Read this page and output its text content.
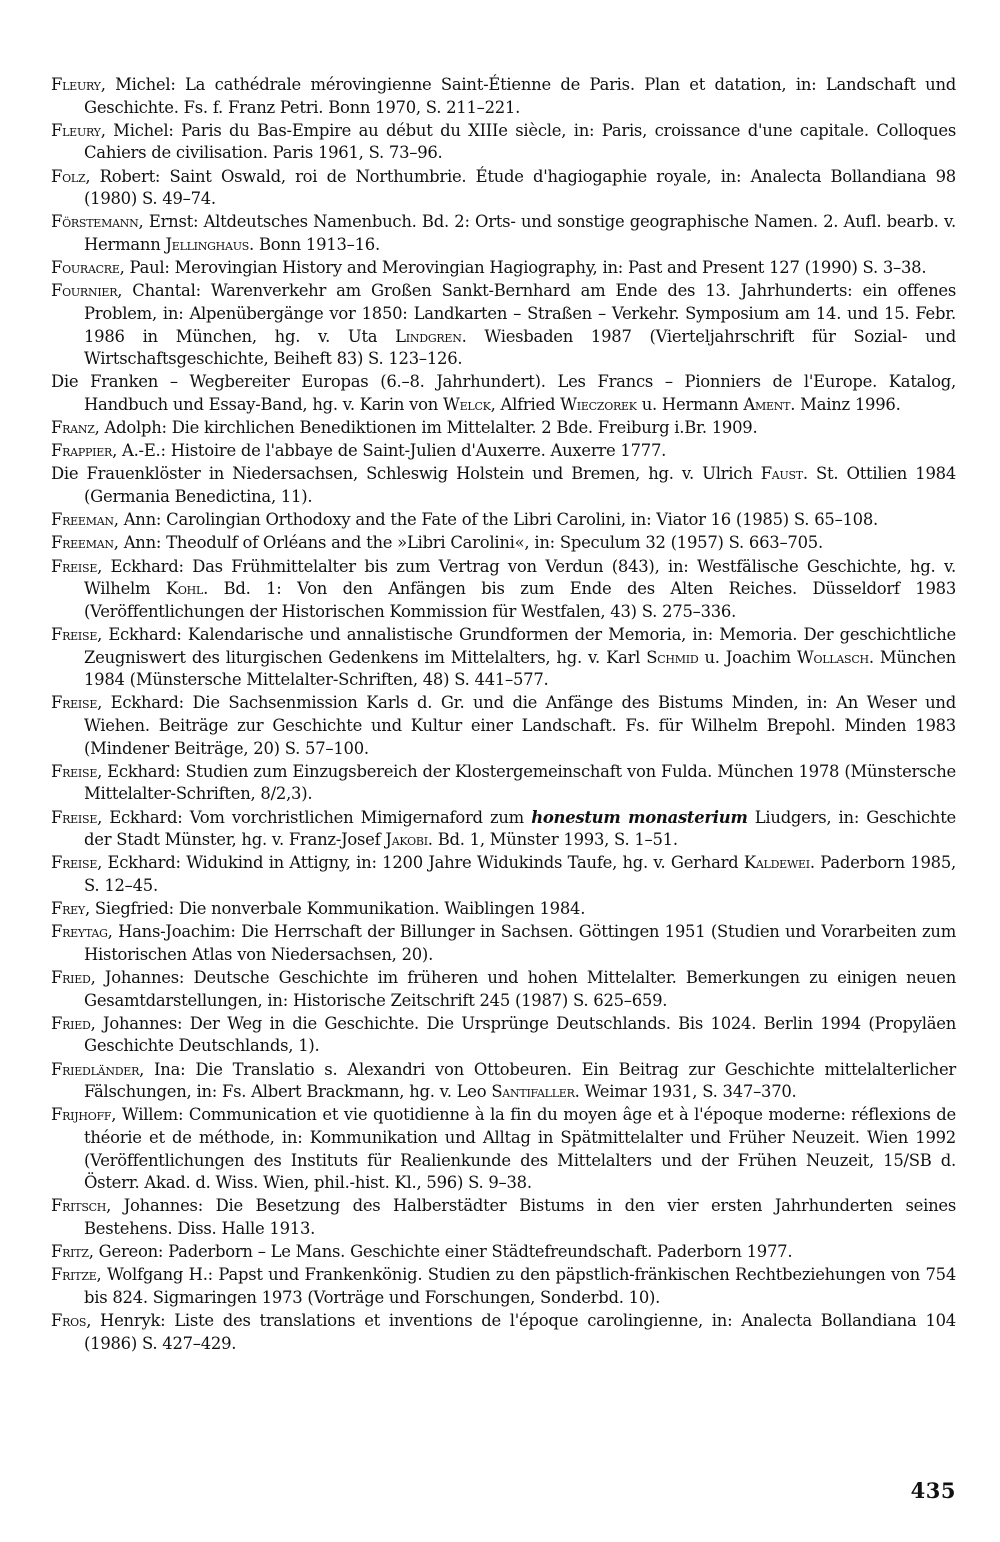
Fleury, Michel: La cathédrale mérovingienne Saint-Étienne de Paris. Plan et datation, in: Landschaft und Geschichte. Fs. f. Franz Petri. Bonn 1970, S. 211–221.

Fleury, Michel: Paris du Bas-Empire au début du XIIIe siècle, in: Paris, croissance d'une capitale. Colloques Cahiers de civilisation. Paris 1961, S. 73–96.

Folz, Robert: Saint Oswald, roi de Northumbrie. Étude d'hagiogaphie royale, in: Analecta Bollandiana 98 (1980) S. 49–74.

Förstemann, Ernst: Altdeutsches Namenbuch. Bd. 2: Orts- und sonstige geographische Namen. 2. Aufl. bearb. v. Hermann Jellinghaus. Bonn 1913–16.

Fouracre, Paul: Merovingian History and Merovingian Hagiography, in: Past and Present 127 (1990) S. 3–38.

Fournier, Chantal: Warenverkehr am Großen Sankt-Bernhard am Ende des 13. Jahrhunderts: ein offenes Problem, in: Alpenübergänge vor 1850: Landkarten – Straßen – Verkehr. Symposium am 14. und 15. Febr. 1986 in München, hg. v. Uta Lindgren. Wiesbaden 1987 (Vierteljahrschrift für Sozial- und Wirtschaftsgeschichte, Beiheft 83) S. 123–126.

Die Franken – Wegbereiter Europas (6.–8. Jahrhundert). Les Francs – Pionniers de l'Europe. Katalog, Handbuch und Essay-Band, hg. v. Karin von Welck, Alfried Wieczorek u. Hermann Ament. Mainz 1996.

Franz, Adolph: Die kirchlichen Benediktionen im Mittelalter. 2 Bde. Freiburg i.Br. 1909.

Frappier, A.-E.: Histoire de l'abbaye de Saint-Julien d'Auxerre. Auxerre 1777.

Die Frauenklöster in Niedersachsen, Schleswig Holstein und Bremen, hg. v. Ulrich Faust. St. Ottilien 1984 (Germania Benedictina, 11).

Freeman, Ann: Carolingian Orthodoxy and the Fate of the Libri Carolini, in: Viator 16 (1985) S. 65–108.

Freeman, Ann: Theodulf of Orléans and the »Libri Carolini«, in: Speculum 32 (1957) S. 663–705.

Freise, Eckhard: Das Frühmittelalter bis zum Vertrag von Verdun (843), in: Westfälische Geschichte, hg. v. Wilhelm Kohl. Bd. 1: Von den Anfängen bis zum Ende des Alten Reiches. Düsseldorf 1983 (Veröffentlichungen der Historischen Kommission für Westfalen, 43) S. 275–336.

Freise, Eckhard: Kalendarische und annalistische Grundformen der Memoria, in: Memoria. Der geschichtliche Zeugniswert des liturgischen Gedenkens im Mittelalters, hg. v. Karl Schmid u. Joachim Wollasch. München 1984 (Münstersche Mittelalter-Schriften, 48) S. 441–577.

Freise, Eckhard: Die Sachsenmission Karls d. Gr. und die Anfänge des Bistums Minden, in: An Weser und Wiehen. Beiträge zur Geschichte und Kultur einer Landschaft. Fs. für Wilhelm Brepohl. Minden 1983 (Mindener Beiträge, 20) S. 57–100.

Freise, Eckhard: Studien zum Einzugsbereich der Klostergemeinschaft von Fulda. München 1978 (Münstersche Mittelalter-Schriften, 8/2,3).

Freise, Eckhard: Vom vorchristlichen Mimigernaford zum honestum monasterium Liudgers, in: Geschichte der Stadt Münster, hg. v. Franz-Josef Jakobi. Bd. 1, Münster 1993, S. 1–51.

Freise, Eckhard: Widukind in Attigny, in: 1200 Jahre Widukinds Taufe, hg. v. Gerhard Kaldewei. Paderborn 1985, S. 12–45.

Frey, Siegfried: Die nonverbale Kommunikation. Waiblingen 1984.

Freytag, Hans-Joachim: Die Herrschaft der Billunger in Sachsen. Göttingen 1951 (Studien und Vorarbeiten zum Historischen Atlas von Niedersachsen, 20).

Fried, Johannes: Deutsche Geschichte im früheren und hohen Mittelalter. Bemerkungen zu einigen neuen Gesamtdarstellungen, in: Historische Zeitschrift 245 (1987) S. 625–659.

Fried, Johannes: Der Weg in die Geschichte. Die Ursprünge Deutschlands. Bis 1024. Berlin 1994 (Propyläen Geschichte Deutschlands, 1).

Friedländer, Ina: Die Translatio s. Alexandri von Ottobeuren. Ein Beitrag zur Geschichte mittelalterlicher Fälschungen, in: Fs. Albert Brackmann, hg. v. Leo Santifaller. Weimar 1931, S. 347–370.

Frijhoff, Willem: Communication et vie quotidienne à la fin du moyen âge et à l'époque moderne: réflexions de théorie et de méthode, in: Kommunikation und Alltag in Spätmittelalter und Früher Neuzeit. Wien 1992 (Veröffentlichungen des Instituts für Realienkunde des Mittelalters und der Frühen Neuzeit, 15/SB d. Österr. Akad. d. Wiss. Wien, phil.-hist. Kl., 596) S. 9–38.

Fritsch, Johannes: Die Besetzung des Halberstädter Bistums in den vier ersten Jahrhunderten seines Bestehens. Diss. Halle 1913.

Fritz, Gereon: Paderborn – Le Mans. Geschichte einer Städtefreundschaft. Paderborn 1977.

Fritze, Wolfgang H.: Papst und Frankenkönig. Studien zu den päpstlich-fränkischen Rechtbeziehungen von 754 bis 824. Sigmaringen 1973 (Vorträge und Forschungen, Sonderbd. 10).

Fros, Henryk: Liste des translations et inventions de l'époque carolingienne, in: Analecta Bollandiana 104 (1986) S. 427–429.

435
